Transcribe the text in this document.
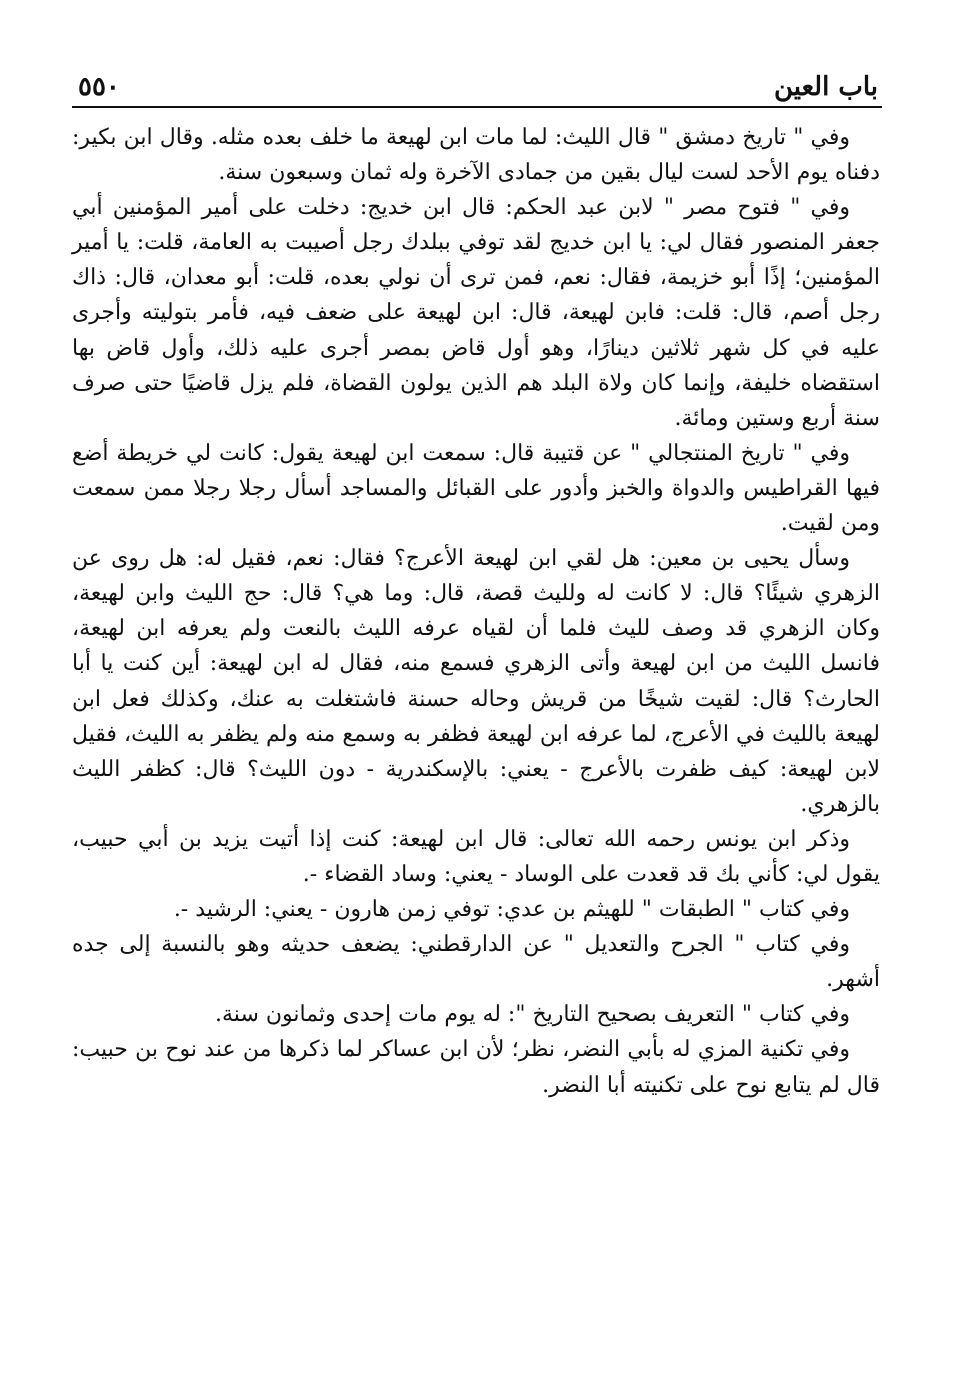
باب العين
٥٥٠

وفي " تاريخ دمشق " قال الليث: لما مات ابن لهيعة ما خلف بعده مثله. وقال ابن بكير: دفناه يوم الأحد لست ليال بقين من جمادى الآخرة وله ثمان وسبعون سنة.

وفي " فتوح مصر " لابن عبد الحكم: قال ابن خديج: دخلت على أمير المؤمنين أبي جعفر المنصور فقال لي: يا ابن خديج لقد توفي ببلدك رجل أصيبت به العامة، قلت: يا أمير المؤمنين؛ إذًا أبو خزيمة، فقال: نعم، فمن ترى أن نولي بعده، قلت: أبو معدان، قال: ذاك رجل أصم، قال: قلت: فابن لهيعة، قال: ابن لهيعة على ضعف فيه، فأمر بتوليته وأجرى عليه في كل شهر ثلاثين دينارًا، وهو أول قاض بمصر أجرى عليه ذلك، وأول قاض بها استقضاه خليفة، وإنما كان ولاة البلد هم الذين يولون القضاة، فلم يزل قاضيًا حتى صرف سنة أربع وستين ومائة.

وفي " تاريخ المنتجالي " عن قتيبة قال: سمعت ابن لهيعة يقول: كانت لي خريطة أضع فيها القراطيس والدواة والخبز وأدور على القبائل والمساجد أسأل رجلا رجلا ممن سمعت ومن لقيت.

وسأل يحيى بن معين: هل لقي ابن لهيعة الأعرج؟ فقال: نعم، فقيل له: هل روى عن الزهري شيئًا؟ قال: لا كانت له ولليث قصة، قال: وما هي؟ قال: حج الليث وابن لهيعة، وكان الزهري قد وصف لليث فلما أن لقياه عرفه الليث بالنعت ولم يعرفه ابن لهيعة، فانسل الليث من ابن لهيعة وأتى الزهري فسمع منه، فقال له ابن لهيعة: أين كنت يا أبا الحارث؟ قال: لقيت شيخًا من قريش وحاله حسنة فاشتغلت به عنك، وكذلك فعل ابن لهيعة بالليث في الأعرج، لما عرفه ابن لهيعة فظفر به وسمع منه ولم يظفر به الليث، فقيل لابن لهيعة: كيف ظفرت بالأعرج - يعني: بالإسكندرية - دون الليث؟ قال: كظفر الليث بالزهري.

وذكر ابن يونس رحمه الله تعالى: قال ابن لهيعة: كنت إذا أتيت يزيد بن أبي حبيب، يقول لي: كأني بك قد قعدت على الوساد - يعني: وساد القضاء -.

وفي كتاب " الطبقات " للهيثم بن عدي: توفي زمن هارون - يعني: الرشيد -.

وفي كتاب " الجرح والتعديل " عن الدارقطني: يضعف حديثه وهو بالنسبة إلى جده أشهر.

وفي كتاب " التعريف بصحيح التاريخ ": له يوم مات إحدى وثمانون سنة.

وفي تكنية المزي له بأبي النضر، نظر؛ لأن ابن عساكر لما ذكرها من عند نوح بن حبيب: قال لم يتابع نوح على تكنيته أبا النضر.
